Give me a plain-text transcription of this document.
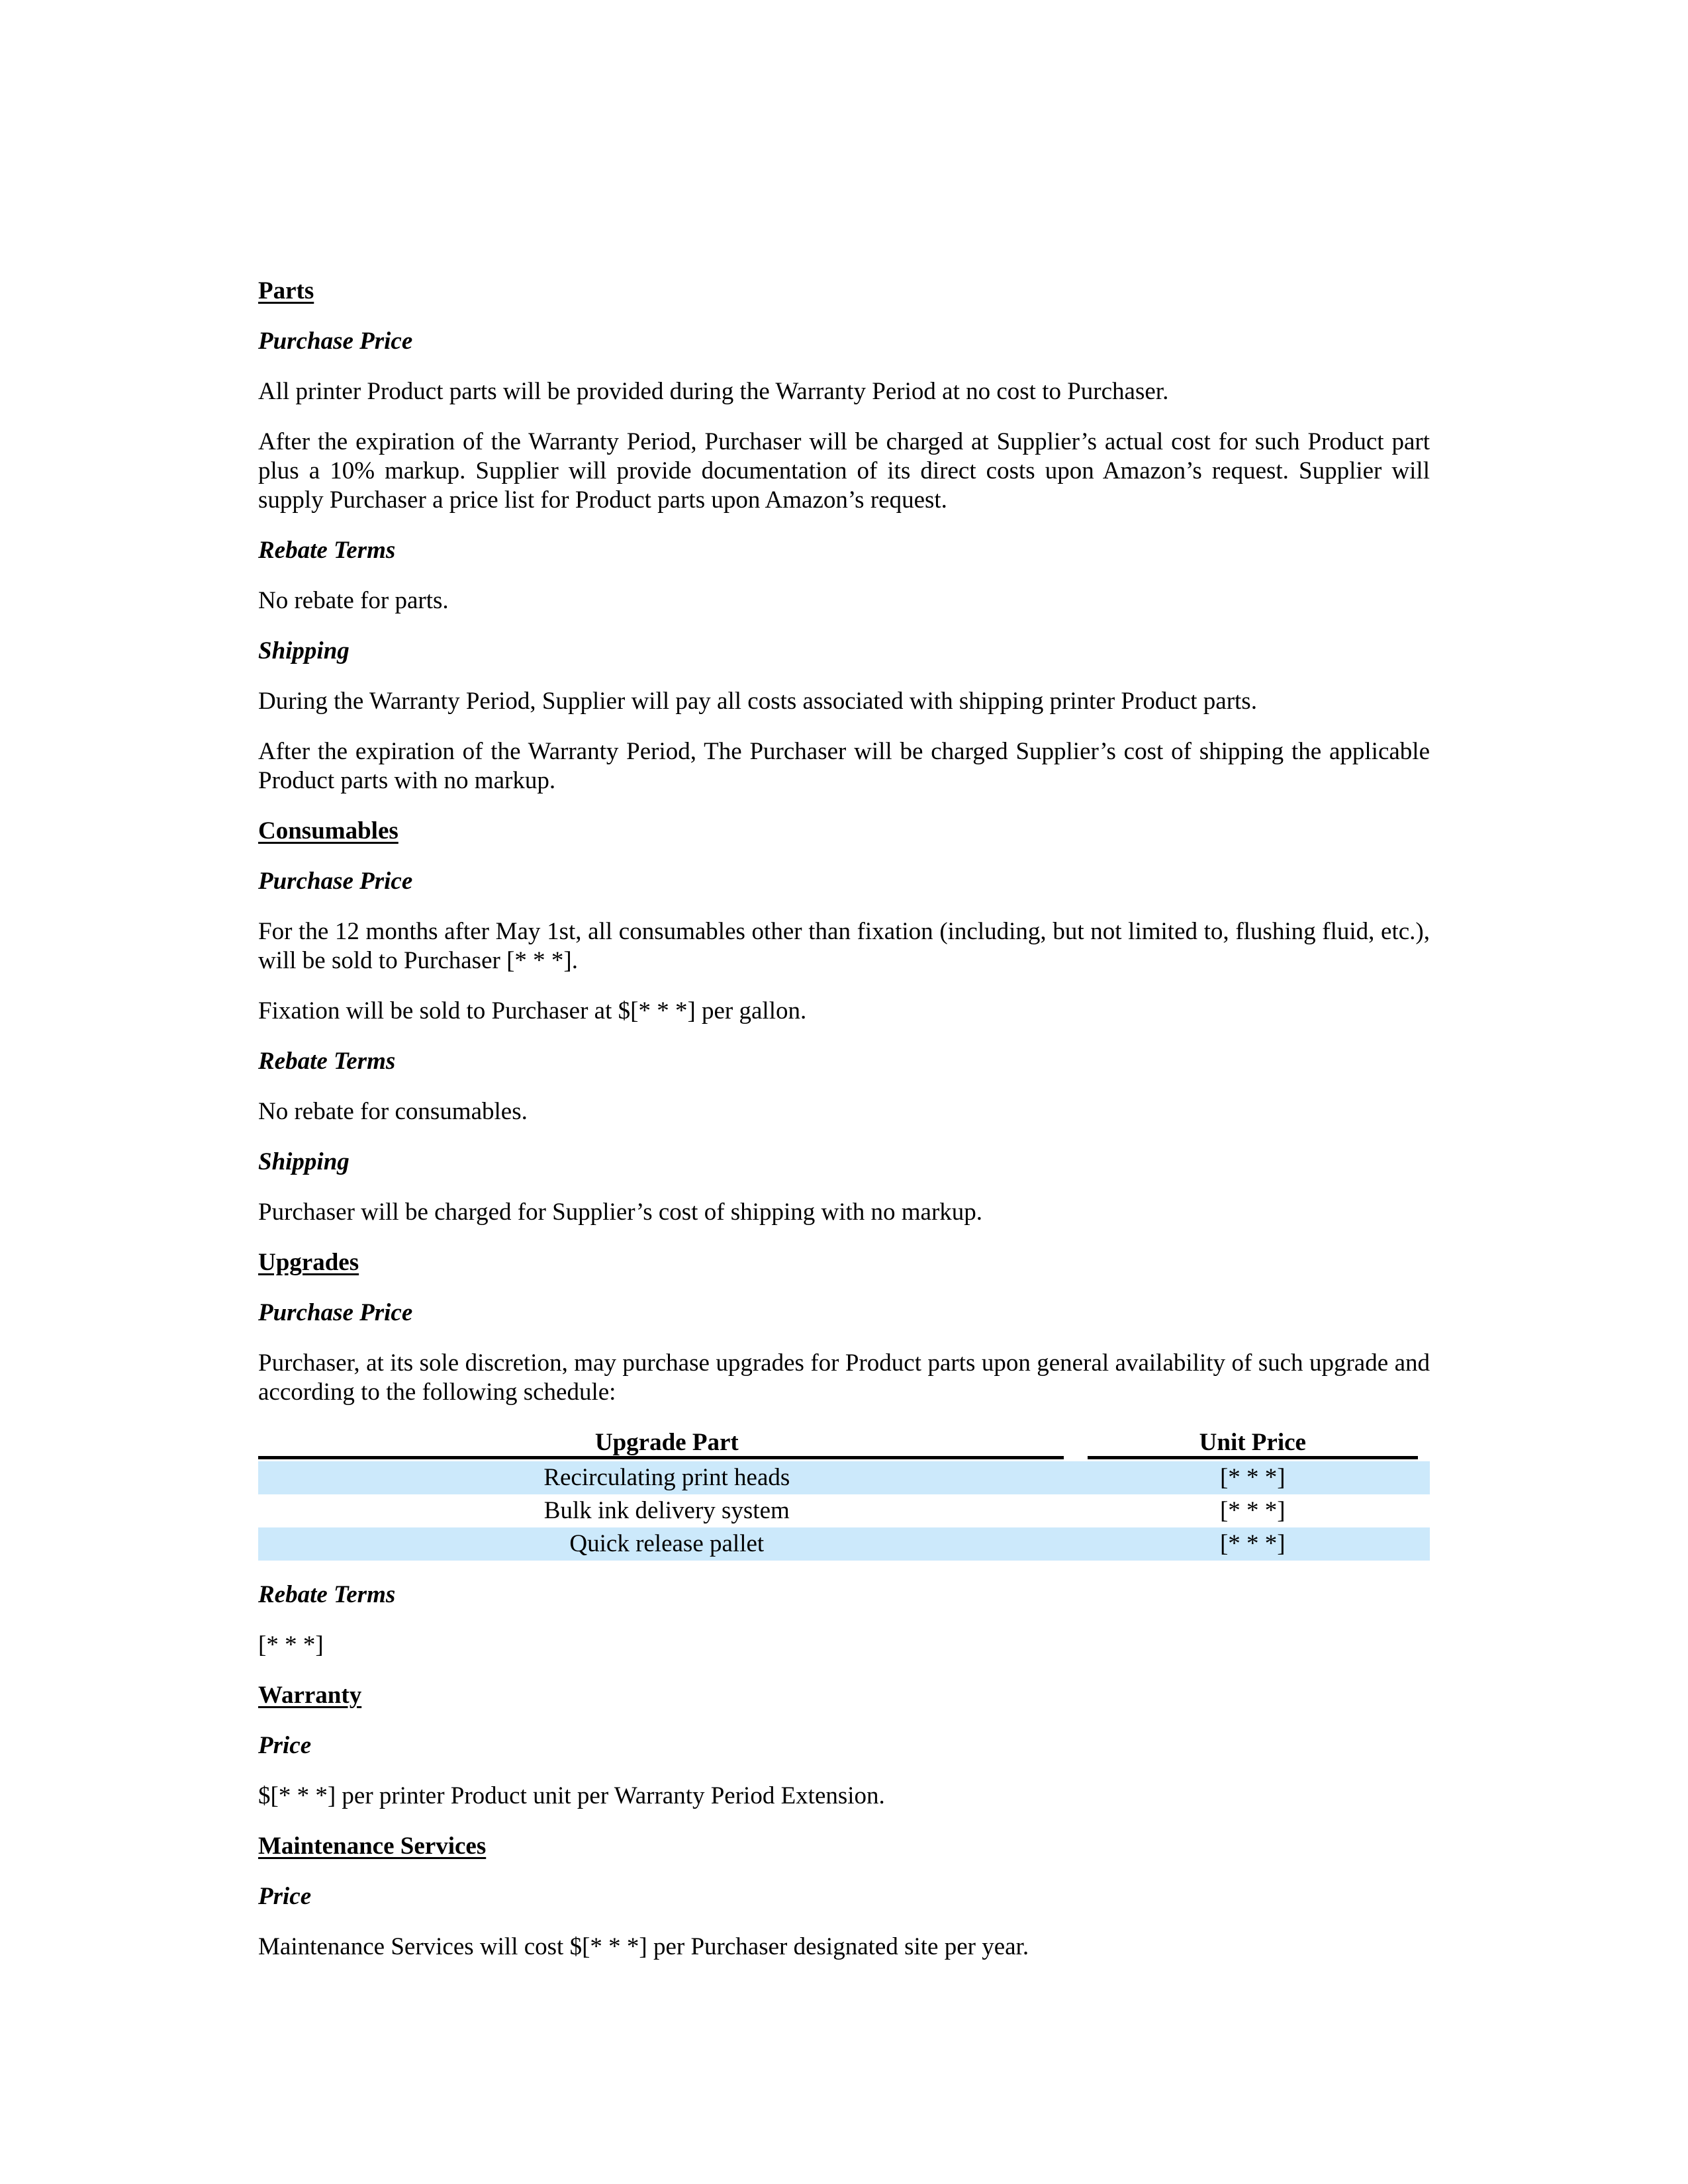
Parts
Purchase Price

All printer Product parts will be provided during the Warranty Period at no cost to Purchaser.

After the expiration of the Warranty Period, Purchaser will be charged at Supplier’s actual cost for such Product part plus a 10% markup. Supplier will provide documentation of its direct costs upon Amazon’s request. Supplier will supply Purchaser a price list for Product parts upon Amazon’s request.

Rebate Terms

No rebate for parts.

Shipping

During the Warranty Period, Supplier will pay all costs associated with shipping printer Product parts.

After the expiration of the Warranty Period, The Purchaser will be charged Supplier’s cost of shipping the applicable Product parts with no markup.

Consumables
Purchase Price

For the 12 months after May 1st, all consumables other than fixation (including, but not limited to, flushing fluid, etc.), will be sold to Purchaser [* * *].

Fixation will be sold to Purchaser at $[* * *] per gallon.

Rebate Terms

No rebate for consumables.

Shipping

Purchaser will be charged for Supplier’s cost of shipping with no markup.

Upgrades
Purchase Price

Purchaser, at its sole discretion, may purchase upgrades for Product parts upon general availability of such upgrade and according to the following schedule:

Upgrade Part	Unit Price

Recirculating print heads	[* * *]
Bulk ink delivery system	[* * *]
Quick release pallet	[* * *]
Rebate Terms

[* * *]

Warranty
Price

$[* * *] per printer Product unit per Warranty Period Extension.

Maintenance Services
Price

Maintenance Services will cost $[* * *] per Purchaser designated site per year.
